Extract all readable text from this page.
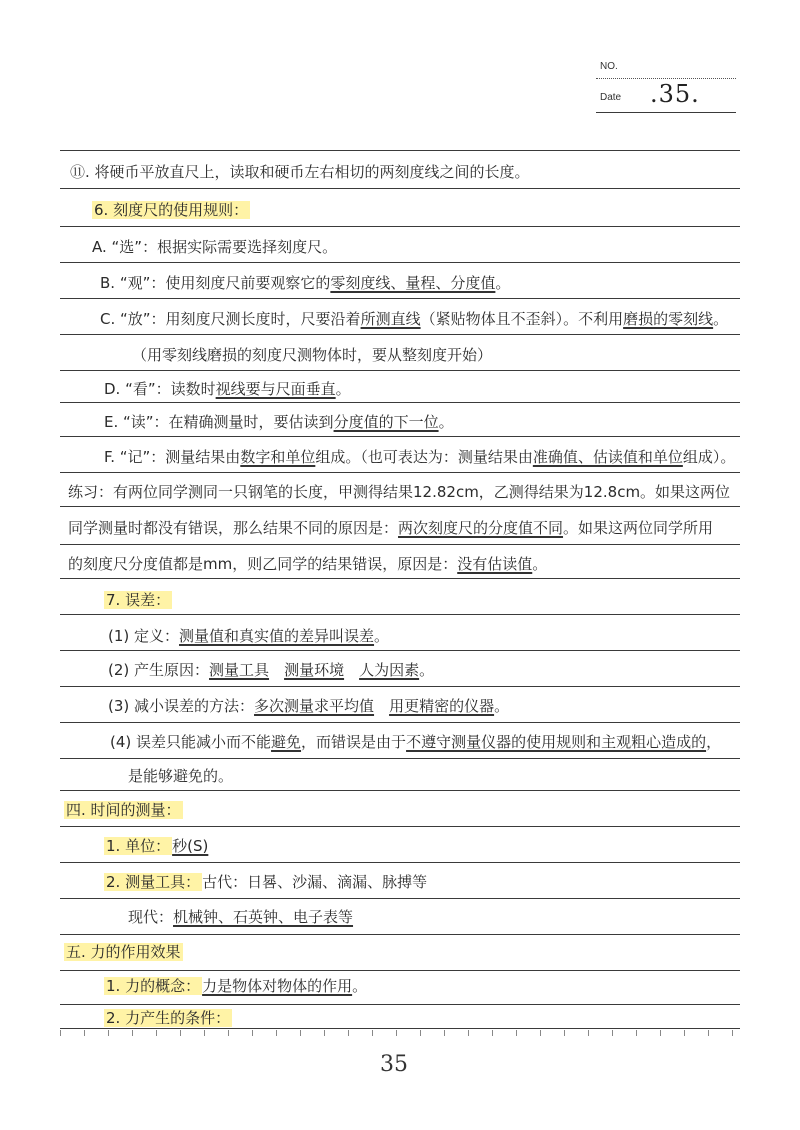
NO.
Date .35.
⑪. 将硬币平放直尺上，读取和硬币左右相切的两刻度线之间的长度。
6. 刻度尺的使用规则：
A. “选”：根据实际需要选择刻度尺。
B. “观”：使用刻度尺前要观察它的零刻度线、量程、分度值。
C. “放”：用刻度尺测长度时，尺要沿着所测直线（紧贴物体且不歪斜）。不利用磨损的零刻线。
（用零刻线磨损的刻度尺测物体时，要从整刻度开始）
D. “看”：读数时视线要与尺面垂直。
E. “读”：在精确测量时，要估读到分度值的下一位。
F. “记”：测量结果由数字和单位组成。（也可表达为：测量结果由准确值、估读值和单位组成）。
练习：有两位同学测同一只钢笔的长度，甲测得结果12.82cm，乙测得结果为12.8cm。如果这两位
同学测量时都没有错误，那么结果不同的原因是：两次刻度尺的分度值不同。如果这两位同学所用
的刻度尺分度值都是mm，则乙同学的结果错误，原因是：没有估读值。
7. 误差：
(1) 定义：测量值和真实值的差异叫误差。
(2) 产生原因：测量工具　 测量环境　 人为因素。
(3) 减小误差的方法：多次测量求平均值　 用更精密的仪器。
(4) 误差只能减小而不能避免，而错误是由于不遵守测量仪器的使用规则和主观粗心造成的，
是能够避免的。
四. 时间的测量：
1. 单位： 秒(S)
2. 测量工具： 古代：日晷、沙漏、滴漏、脉搏等
现代：机械钟、石英钟、电子表等
五. 力的作用效果
1. 力的概念： 力是物体对物体的作用。
2. 力产生的条件：
35
